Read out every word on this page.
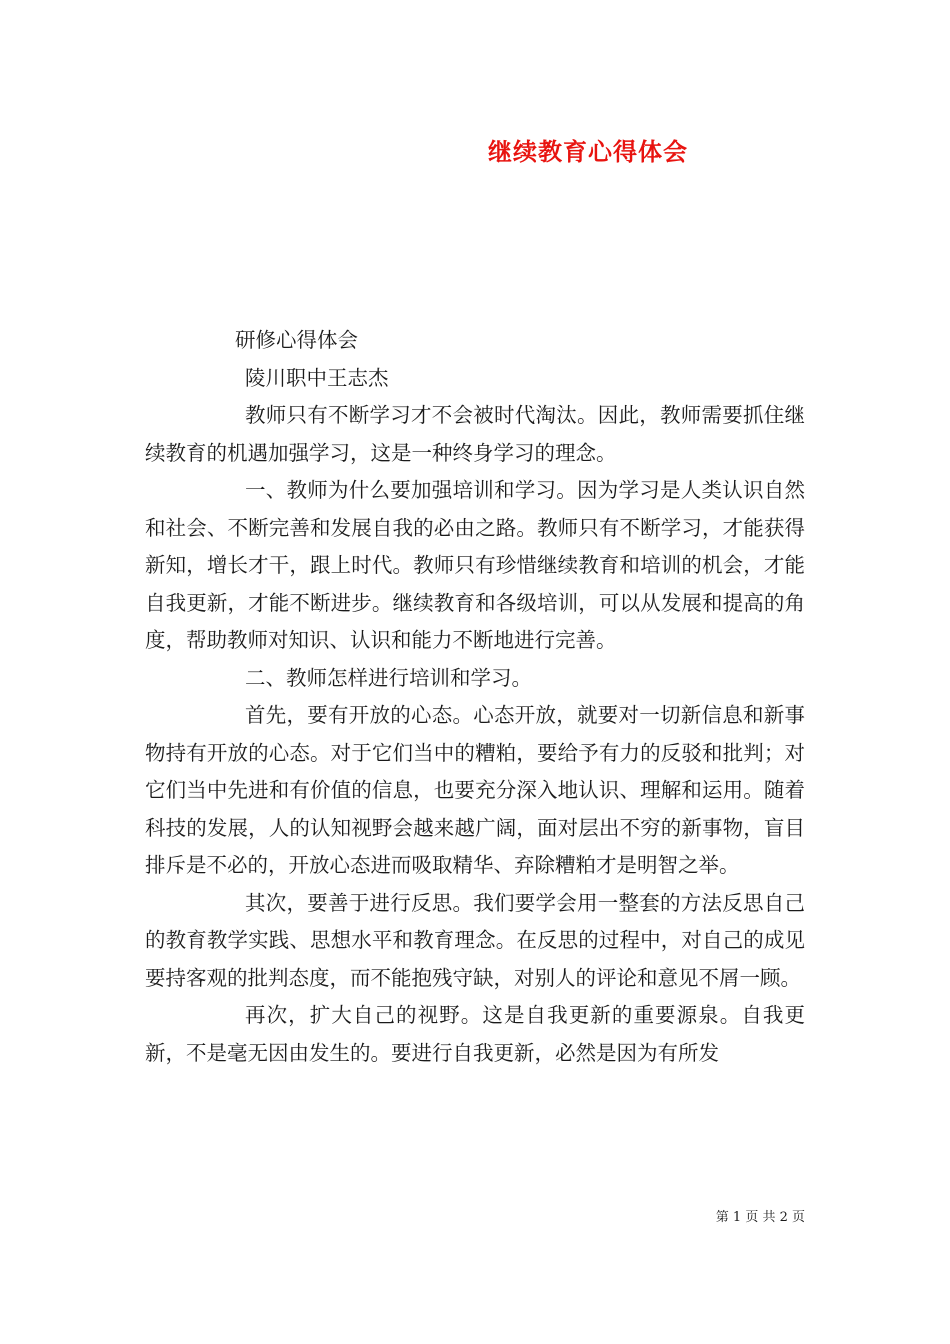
继续教育心得体会

研修心得体会

陵川职中王志杰

教师只有不断学习才不会被时代淘汰。因此，教师需要抓住继续教育的机遇加强学习，这是一种终身学习的理念。

一、教师为什么要加强培训和学习。因为学习是人类认识自然和社会、不断完善和发展自我的必由之路。教师只有不断学习，才能获得新知，增长才干，跟上时代。教师只有珍惜继续教育和培训的机会，才能自我更新，才能不断进步。继续教育和各级培训，可以从发展和提高的角度，帮助教师对知识、认识和能力不断地进行完善。

二、教师怎样进行培训和学习。

首先，要有开放的心态。心态开放，就要对一切新信息和新事物持有开放的心态。对于它们当中的糟粕，要给予有力的反驳和批判；对它们当中先进和有价值的信息，也要充分深入地认识、理解和运用。随着科技的发展，人的认知视野会越来越广阔，面对层出不穷的新事物，盲目排斥是不必的，开放心态进而吸取精华、弃除糟粕才是明智之举。

其次，要善于进行反思。我们要学会用一整套的方法反思自己的教育教学实践、思想水平和教育理念。在反思的过程中，对自己的成见要持客观的批判态度，而不能抱残守缺，对别人的评论和意见不屑一顾。

再次，扩大自己的视野。这是自我更新的重要源泉。自我更新，不是毫无因由发生的。要进行自我更新，必然是因为有所发

第 1 页 共 2 页
